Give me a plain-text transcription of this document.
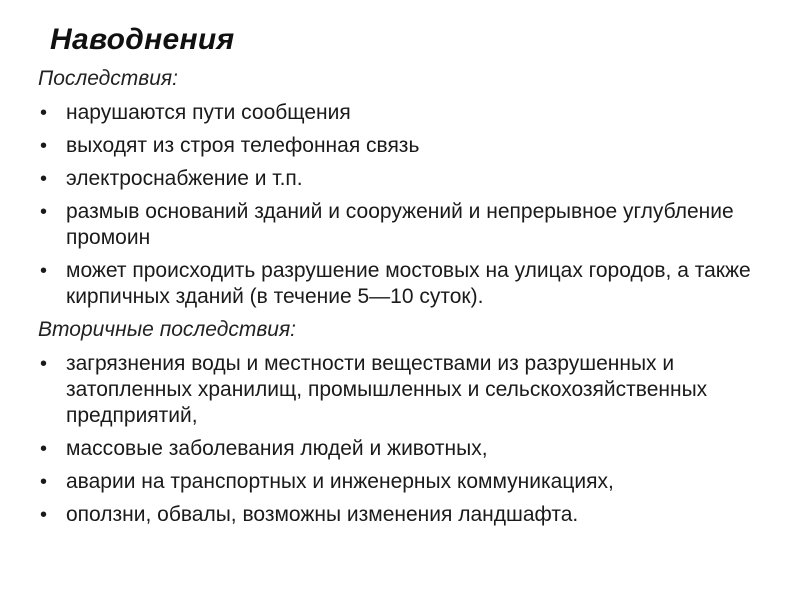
Наводнения

Последствия:

• нарушаются пути сообщения
• выходят из строя телефонная связь
• электроснабжение и т.п.
• размыв оснований зданий и сооружений и непрерывное углубление промоин
• может происходить разрушение мостовых на улицах городов, а также кирпичных зданий (в течение 5—10 суток).

Вторичные последствия:

• загрязнения воды и местности веществами из разрушенных и затопленных хранилищ, промышленных и сельскохозяйственных предприятий,
• массовые заболевания людей и животных,
• аварии на транспортных и инженерных коммуникациях,
• оползни, обвалы, возможны изменения ландшафта.
